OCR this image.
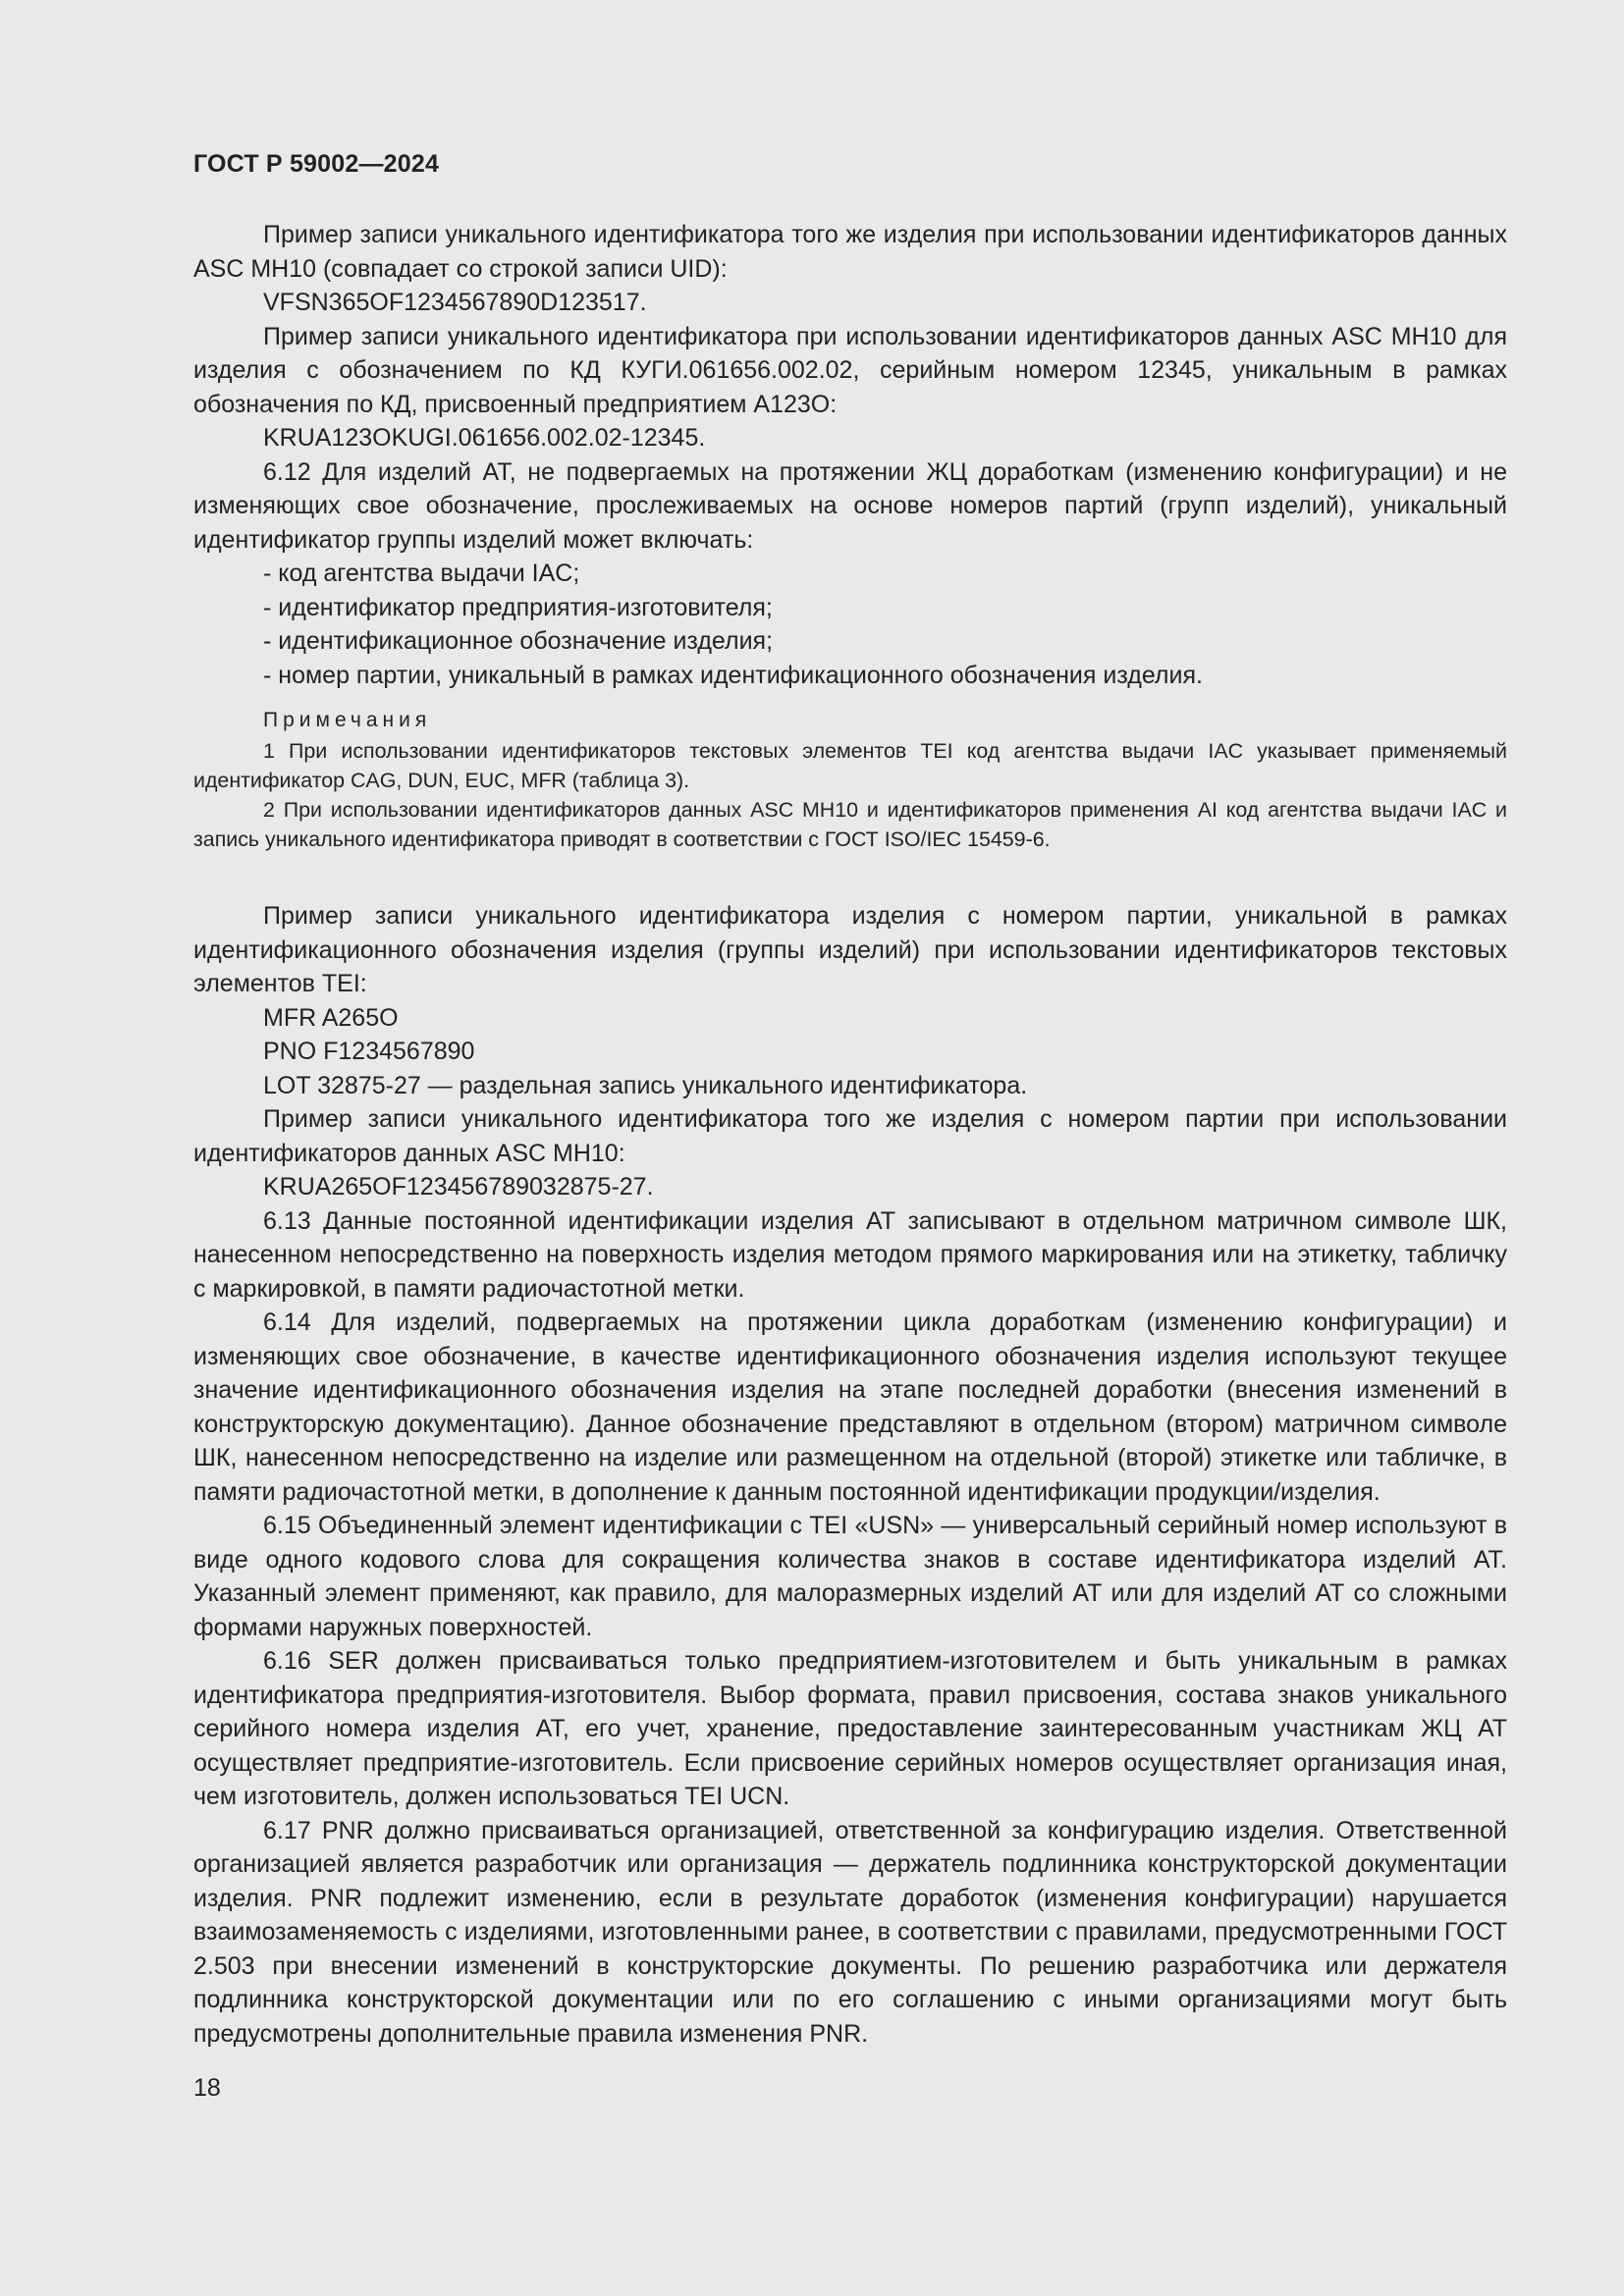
ГОСТ Р 59002—2024

Пример записи уникального идентификатора того же изделия при использовании идентификаторов данных ASC MH10 (совпадает со строкой записи UID):

VFSN365OF1234567890D123517.

Пример записи уникального идентификатора при использовании идентификаторов данных ASC MH10 для изделия с обозначением по КД КУГИ.061656.002.02, серийным номером 12345, уникальным в рамках обозначения по КД, присвоенный предприятием A123O:

KRUA123OKUGI.061656.002.02-12345.

6.12 Для изделий АТ, не подвергаемых на протяжении ЖЦ доработкам (изменению конфигурации) и не изменяющих свое обозначение, прослеживаемых на основе номеров партий (групп изделий), уникальный идентификатор группы изделий может включать:

- код агентства выдачи IAC;

- идентификатор предприятия-изготовителя;

- идентификационное обозначение изделия;

- номер партии, уникальный в рамках идентификационного обозначения изделия.

Примечания

1 При использовании идентификаторов текстовых элементов TEI код агентства выдачи IAC указывает применяемый идентификатор CAG, DUN, EUC, MFR (таблица 3).

2 При использовании идентификаторов данных ASC MH10 и идентификаторов применения AI код агентства выдачи IAC и запись уникального идентификатора приводят в соответствии с ГОСТ ISO/IEC 15459-6.

Пример записи уникального идентификатора изделия с номером партии, уникальной в рамках идентификационного обозначения изделия (группы изделий) при использовании идентификаторов текстовых элементов TEI:

MFR A265O

PNO F1234567890

LOT 32875-27 — раздельная запись уникального идентификатора.

Пример записи уникального идентификатора того же изделия с номером партии при использовании идентификаторов данных ASC MH10:

KRUA265OF123456789032875-27.

6.13 Данные постоянной идентификации изделия АТ записывают в отдельном матричном символе ШК, нанесенном непосредственно на поверхность изделия методом прямого маркирования или на этикетку, табличку с маркировкой, в памяти радиочастотной метки.

6.14 Для изделий, подвергаемых на протяжении цикла доработкам (изменению конфигурации) и изменяющих свое обозначение, в качестве идентификационного обозначения изделия используют текущее значение идентификационного обозначения изделия на этапе последней доработки (внесения изменений в конструкторскую документацию). Данное обозначение представляют в отдельном (втором) матричном символе ШК, нанесенном непосредственно на изделие или размещенном на отдельной (второй) этикетке или табличке, в памяти радиочастотной метки, в дополнение к данным постоянной идентификации продукции/изделия.

6.15 Объединенный элемент идентификации с TEI «USN» — универсальный серийный номер используют в виде одного кодового слова для сокращения количества знаков в составе идентификатора изделий АТ. Указанный элемент применяют, как правило, для малоразмерных изделий АТ или для изделий АТ со сложными формами наружных поверхностей.

6.16 SER должен присваиваться только предприятием-изготовителем и быть уникальным в рамках идентификатора предприятия-изготовителя. Выбор формата, правил присвоения, состава знаков уникального серийного номера изделия АТ, его учет, хранение, предоставление заинтересованным участникам ЖЦ АТ осуществляет предприятие-изготовитель. Если присвоение серийных номеров осуществляет организация иная, чем изготовитель, должен использоваться TEI UCN.

6.17 PNR должно присваиваться организацией, ответственной за конфигурацию изделия. Ответственной организацией является разработчик или организация — держатель подлинника конструкторской документации изделия. PNR подлежит изменению, если в результате доработок (изменения конфигурации) нарушается взаимозаменяемость с изделиями, изготовленными ранее, в соответствии с правилами, предусмотренными ГОСТ 2.503 при внесении изменений в конструкторские документы. По решению разработчика или держателя подлинника конструкторской документации или по его соглашению с иными организациями могут быть предусмотрены дополнительные правила изменения PNR.

18
